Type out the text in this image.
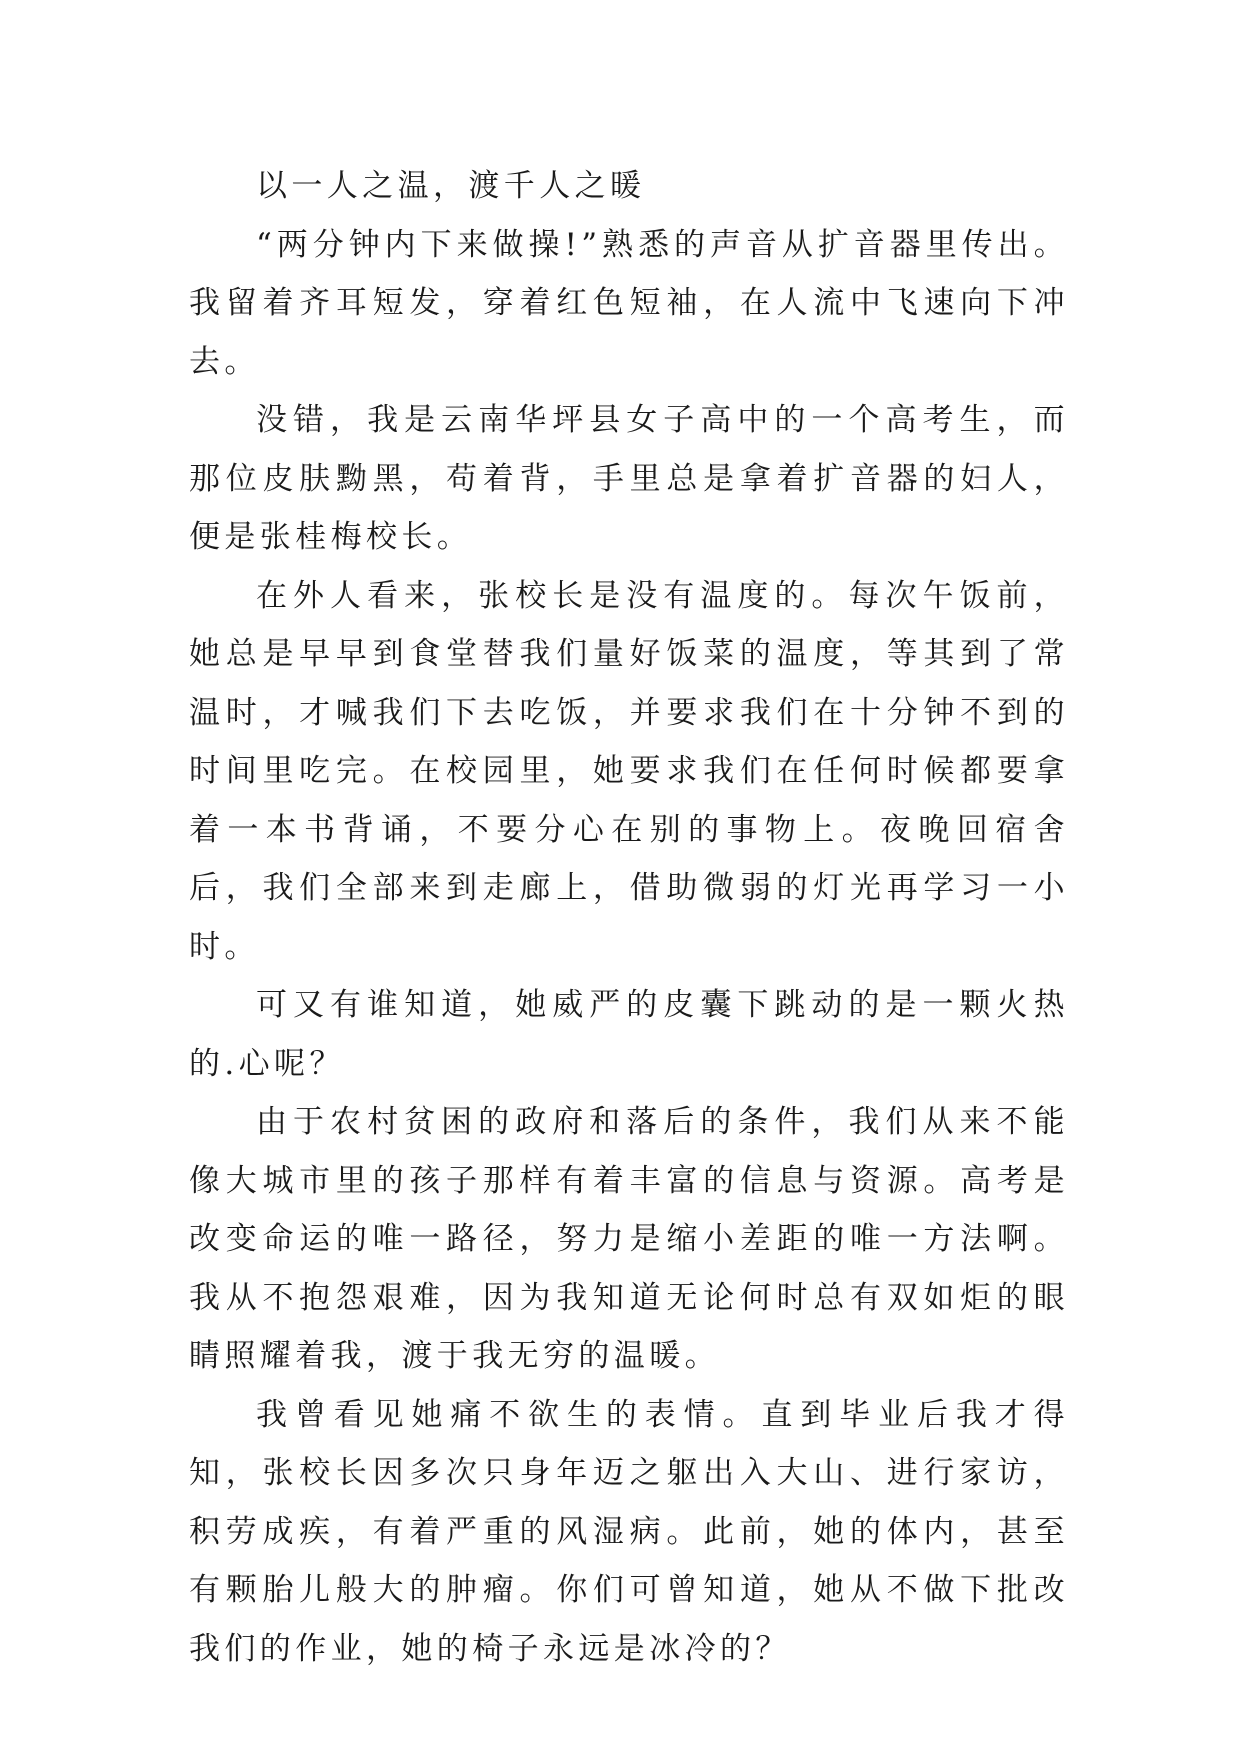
以一人之温，渡千人之暖

“两分钟内下来做操!”熟悉的声音从扩音器里传出。我留着齐耳短发，穿着红色短袖，在人流中飞速向下冲去。

没错，我是云南华坪县女子高中的一个高考生，而那位皮肤黝黑，苟着背，手里总是拿着扩音器的妇人，便是张桂梅校长。

在外人看来，张校长是没有温度的。每次午饭前，她总是早早到食堂替我们量好饭菜的温度，等其到了常温时，才喊我们下去吃饭，并要求我们在十分钟不到的时间里吃完。在校园里，她要求我们在任何时候都要拿着一本书背诵，不要分心在别的事物上。夜晚回宿舍后，我们全部来到走廊上，借助微弱的灯光再学习一小时。

可又有谁知道，她威严的皮囊下跳动的是一颗火热的.心呢？

由于农村贫困的政府和落后的条件，我们从来不能像大城市里的孩子那样有着丰富的信息与资源。高考是改变命运的唯一路径，努力是缩小差距的唯一方法啊。我从不抱怨艰难，因为我知道无论何时总有双如炬的眼睛照耀着我，渡于我无穷的温暖。

我曾看见她痛不欲生的表情。直到毕业后我才得知，张校长因多次只身年迈之躯出入大山、进行家访，积劳成疾，有着严重的风湿病。此前，她的体内，甚至有颗胎儿般大的肿瘤。你们可曾知道，她从不做下批改我们的作业，她的椅子永远是冰冷的？
